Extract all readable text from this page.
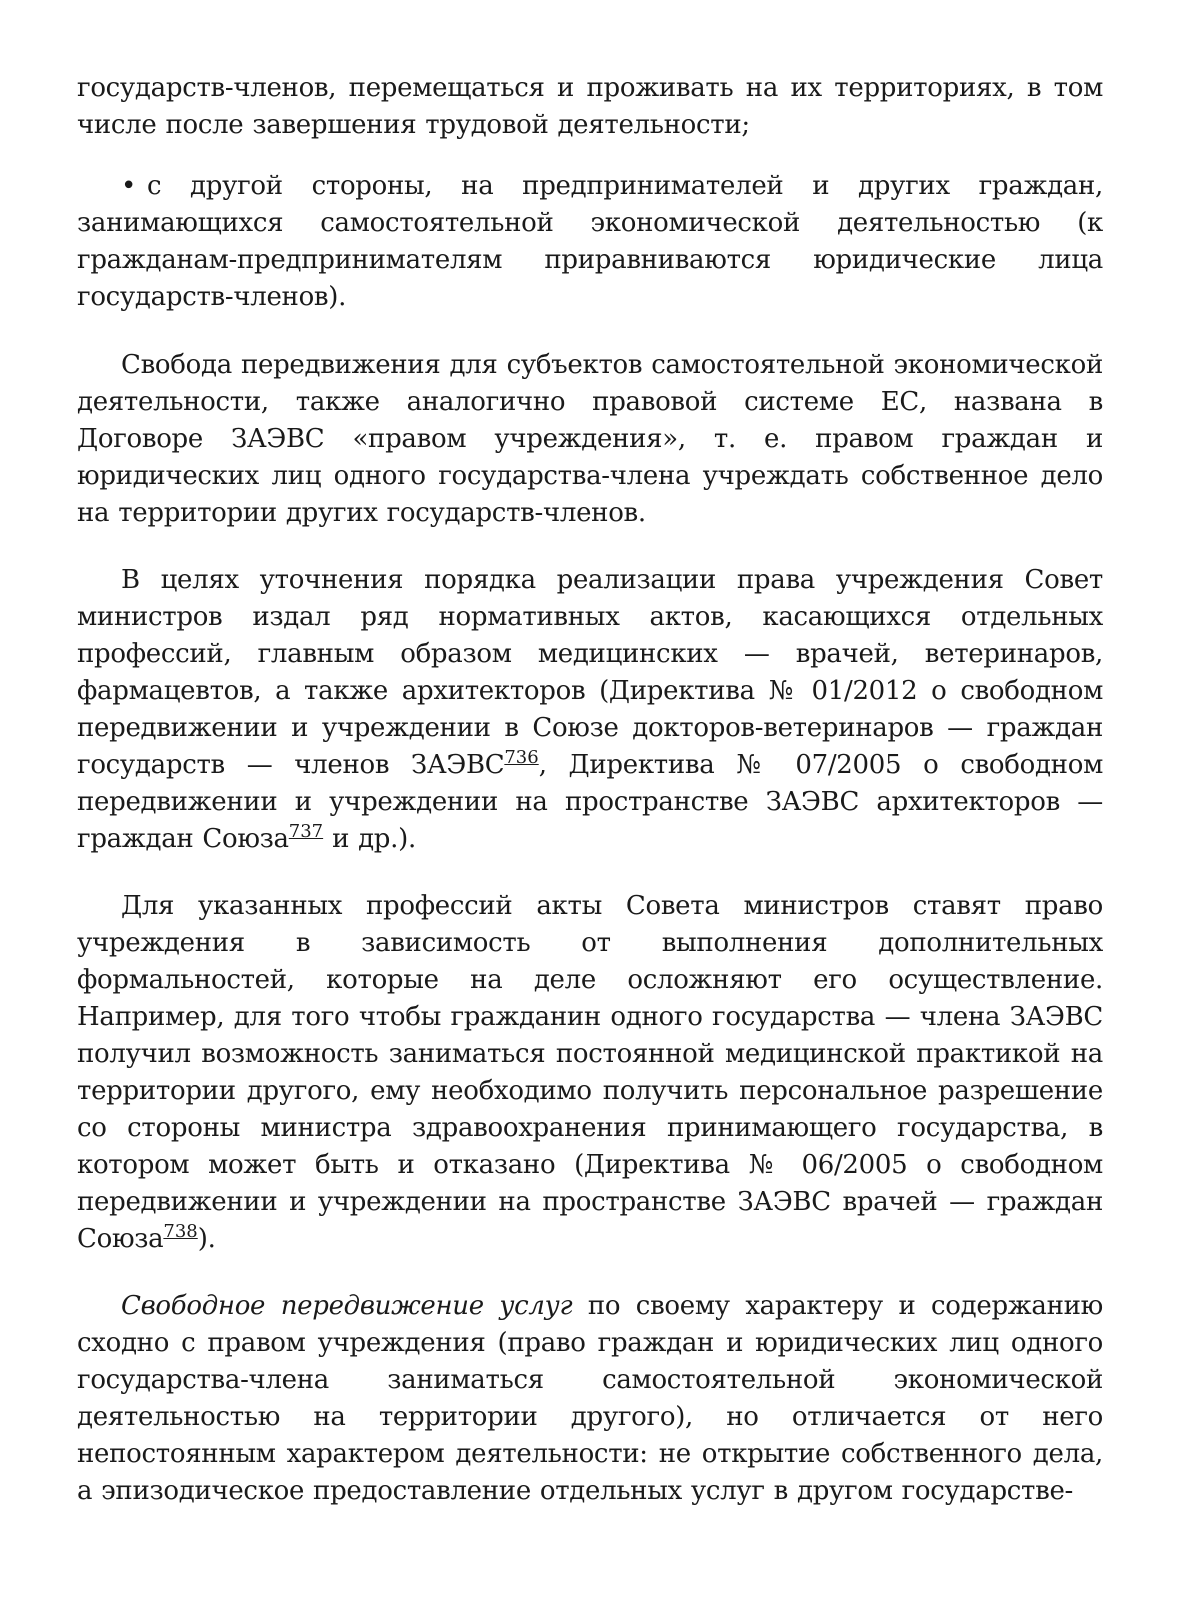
государств-членов, перемещаться и проживать на их территориях, в том числе после завершения трудовой деятельности;

• с другой стороны, на предпринимателей и других граждан, занимающихся самостоятельной экономической деятельностью (к гражданам-предпринимателям приравниваются юридические лица государств-членов).

Свобода передвижения для субъектов самостоятельной экономической деятельности, также аналогично правовой системе ЕС, названа в Договоре ЗАЭВС «правом учреждения», т. е. правом граждан и юридических лиц одного государства-члена учреждать собственное дело на территории других государств-членов.

В целях уточнения порядка реализации права учреждения Совет министров издал ряд нормативных актов, касающихся отдельных профессий, главным образом медицинских — врачей, ветеринаров, фармацевтов, а также архитекторов (Директива № 01/2012 о свободном передвижении и учреждении в Союзе докторов-ветеринаров — граждан государств — членов ЗАЭВС$^{736}$, Директива № 07/2005 о свободном передвижении и учреждении на пространстве ЗАЭВС архитекторов — граждан Союза$^{737}$ и др.).

Для указанных профессий акты Совета министров ставят право учреждения в зависимость от выполнения дополнительных формальностей, которые на деле осложняют его осуществление. Например, для того чтобы гражданин одного государства — члена ЗАЭВС получил возможность заниматься постоянной медицинской практикой на территории другого, ему необходимо получить персональное разрешение со стороны министра здравоохранения принимающего государства, в котором может быть и отказано (Директива № 06/2005 о свободном передвижении и учреждении на пространстве ЗАЭВС врачей — граждан Союза$^{738}$).

Свободное передвижение услуг по своему характеру и содержанию сходно с правом учреждения (право граждан и юридических лиц одного государства-члена заниматься самостоятельной экономической деятельностью на территории другого), но отличается от него непостоянным характером деятельности: не открытие собственного дела, а эпизодическое предоставление отдельных услуг в другом государстве-
